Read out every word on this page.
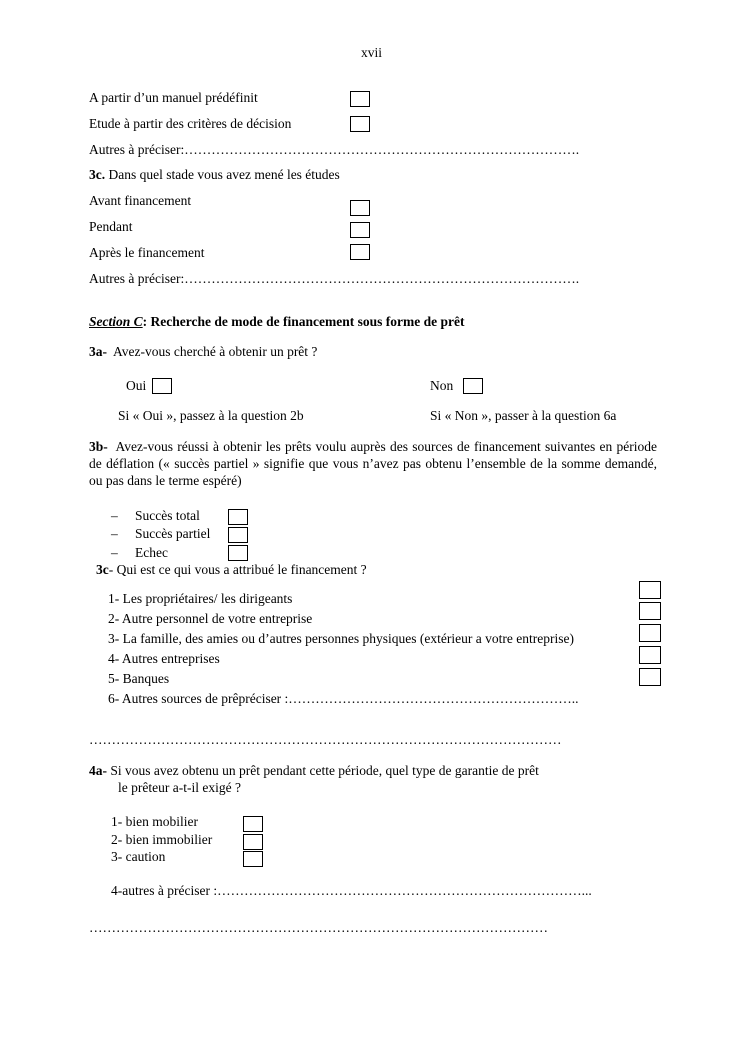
xvii
A partir d’un manuel prédéfinit
Etude à partir des critères de décision
Autres à préciser:…………………………………………………………………………….
3c. Dans quel stade vous avez mené les études
Avant financement
Pendant
Après le financement
Autres à préciser:…………………………………………………………………………….
Section C: Recherche de mode de financement sous forme de prêt
3a- Avez-vous cherché à obtenir un prêt ?
Oui	Non
Si « Oui », passez à la question 2b	Si « Non », passer à la question 6a
3b- Avez-vous réussi à obtenir les prêts voulu auprès des sources de financement suivantes en période de déflation (« succès partiel » signifie que vous n’avez pas obtenu l’ensemble de la somme demandé, ou pas dans le terme espéré)
– Succès total
– Succès partiel
– Echec
3c- Qui est ce qui vous a attribué le financement ?
1- Les propriétaires/ les dirigeants
2- Autre personnel de votre entreprise
3- La famille, des amies ou d’autres personnes physiques (extérieur a votre entreprise)
4- Autres entreprises
5- Banques
6- Autres sources de prêpréciser :………………………………………………………..
……………………………………………………………………………………………
4a- Si vous avez obtenu un prêt pendant cette période, quel type de garantie de prêt
le prêteur a-t-il exigé ?
1- bien mobilier
2- bien immobilier
3- caution
4-autres à préciser :………………………………………………………………………...
…………………………………………………………………………………………
